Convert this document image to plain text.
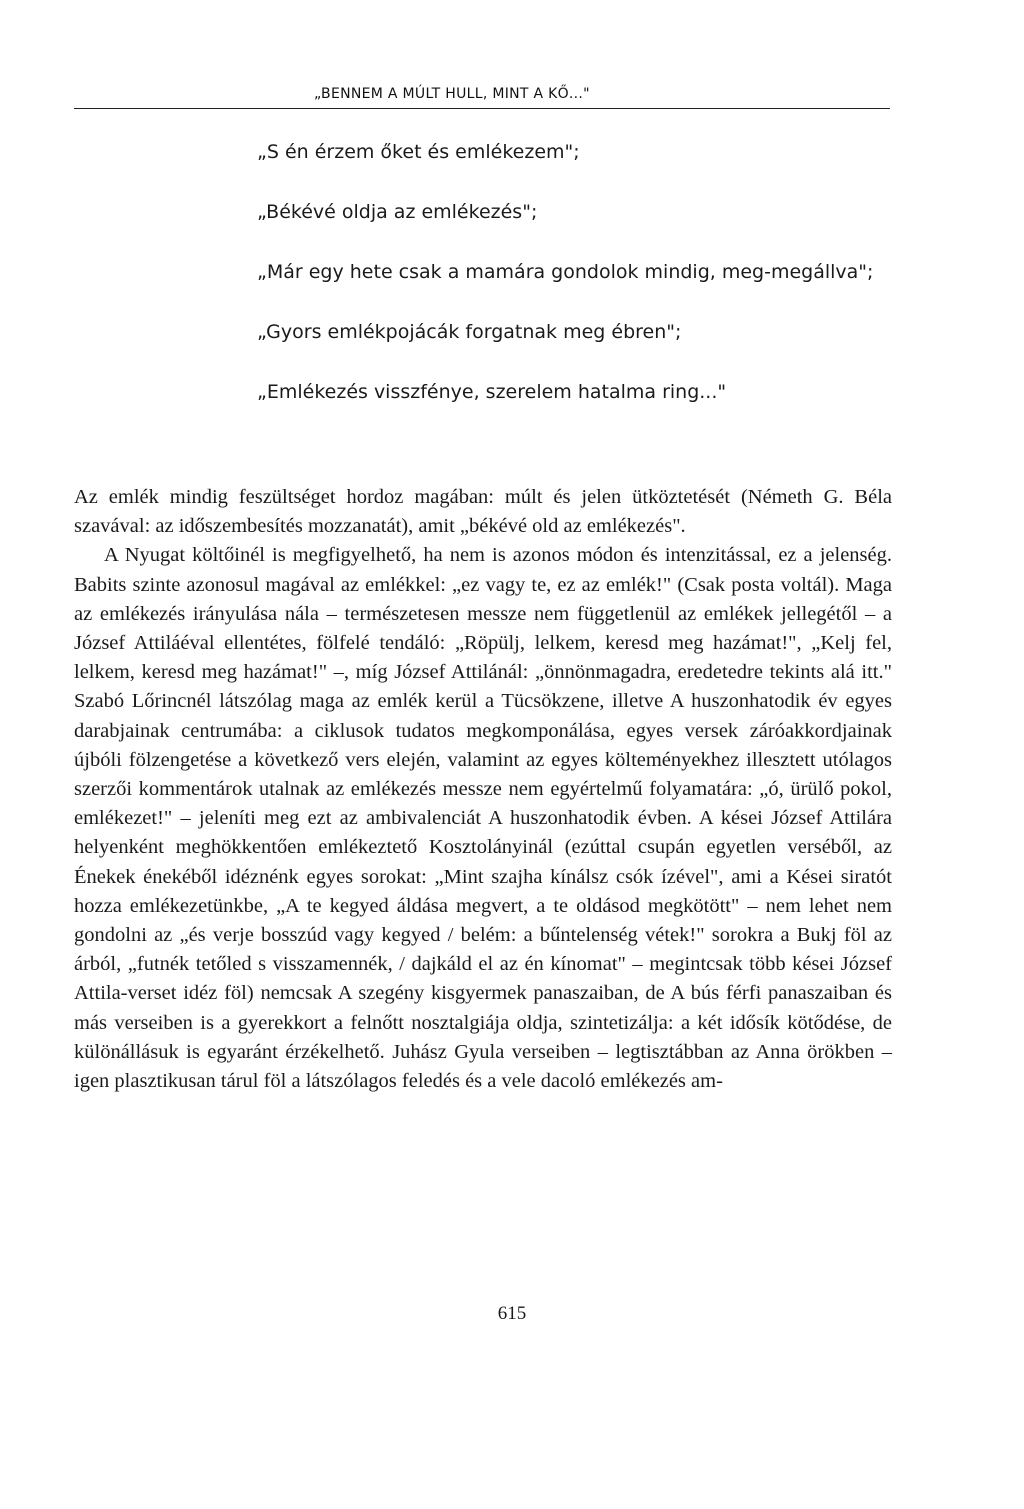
„BENNEM A MÚLT HULL, MINT A KŐ..."

„S én érzem őket és emlékezem";

„Békévé oldja az emlékezés";

„Már egy hete csak a mamára gondolok mindig, meg-megállva";

„Gyors emlékpojácák forgatnak meg ébren";

„Emlékezés visszfénye, szerelem hatalma ring..."

Az emlék mindig feszültséget hordoz magában: múlt és jelen ütköztetését (Németh G. Béla szavával: az időszembesítés mozzanatát), amit „békévé old az emlékezés".

A Nyugat költőinél is megfigyelhető, ha nem is azonos módon és intenzitással, ez a jelenség. Babits szinte azonosul magával az emlékkel: „ez vagy te, ez az emlék!" (Csak posta voltál). Maga az emlékezés irányulása nála – természetesen messze nem függetlenül az emlékek jellegétől – a József Attiláéval ellentétes, fölfelé tendáló: „Röpülj, lelkem, keresd meg hazámat!", „Kelj fel, lelkem, keresd meg hazámat!" –, míg József Attilánál: „önnönmagadra, eredetedre tekints alá itt." Szabó Lőrincnél látszólag maga az emlék kerül a Tücsökzene, illetve A huszonhatodik év egyes darabjainak centrumába: a ciklusok tudatos megkomponálása, egyes versek záróakkordjainak újbóli fölzengetése a következő vers elején, valamint az egyes költeményekhez illesztett utólagos szerzői kommentárok utalnak az emlékezés messze nem egyértelmű folyamatára: „ó, ürülő pokol, emlékezet!" – jeleníti meg ezt az ambivalenciát A huszonhatodik évben. A kései József Attilára helyenként meghökkentően emlékeztető Kosztolányinál (ezúttal csupán egyetlen verséből, az Énekek énekéből idéznénk egyes sorokat: „Mint szajha kínálsz csók ízével", ami a Kései siratót hozza emlékezetünkbe, „A te kegyed áldása megvert, a te oldásod megkötött" – nem lehet nem gondolni az „és verje bosszúd vagy kegyed / belém: a bűntelenség vétek!" sorokra a Bukj föl az árból, „futnék tetőled s visszamennék, / dajkáld el az én kínomat" – megintcsak több kései József Attila-verset idéz föl) nemcsak A szegény kisgyermek panaszaiban, de A bús férfi panaszaiban és más verseiben is a gyerekkort a felnőtt nosztalgiája oldja, szintetizálja: a két idősík kötődése, de különállásuk is egyaránt érzékelhető. Juhász Gyula verseiben – legtisztábban az Anna örökben – igen plasztikusan tárul föl a látszólagos feledés és a vele dacoló emlékezés am-

615
